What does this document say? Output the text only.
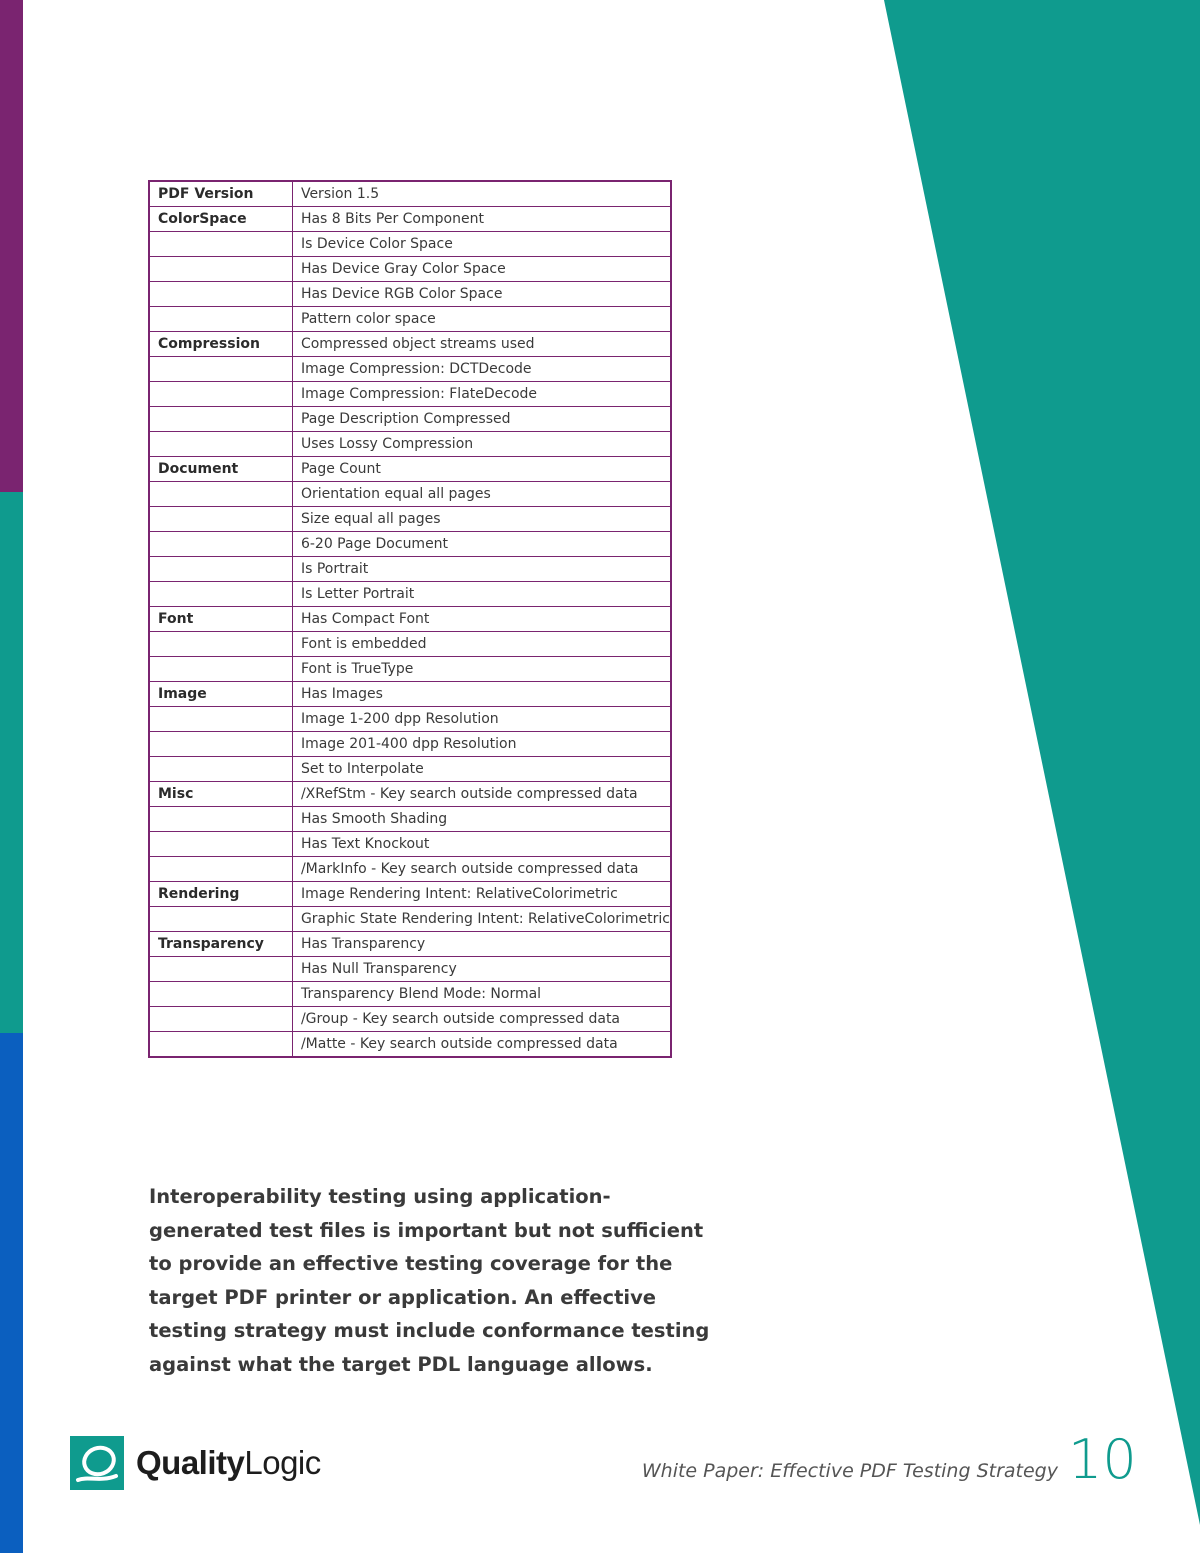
PDF Version	Version 1.5
ColorSpace	Has 8 Bits Per Component
	Is Device Color Space
	Has Device Gray Color Space
	Has Device RGB Color Space
	Pattern color space
Compression	Compressed object streams used
	Image Compression: DCTDecode
	Image Compression: FlateDecode
	Page Description Compressed
	Uses Lossy Compression
Document	Page Count
	Orientation equal all pages
	Size equal all pages
	6-20 Page Document
	Is Portrait
	Is Letter Portrait
Font	Has Compact Font
	Font is embedded
	Font is TrueType
Image	Has Images
	Image 1-200 dpp Resolution
	Image 201-400 dpp Resolution
	Set to Interpolate
Misc	/XRefStm - Key search outside compressed data
	Has Smooth Shading
	Has Text Knockout
	/MarkInfo - Key search outside compressed data
Rendering	Image Rendering Intent: RelativeColorimetric
	Graphic State Rendering Intent: RelativeColorimetric
Transparency	Has Transparency
	Has Null Transparency
	Transparency Blend Mode: Normal
	/Group - Key search outside compressed data
	/Matte - Key search outside compressed data

Interoperability testing using application-generated test files is important but not sufficient to provide an effective testing coverage for the target PDF printer or application. An effective testing strategy must include conformance testing against what the target PDL language allows.

QualityLogic	White Paper: Effective PDF Testing Strategy 10
